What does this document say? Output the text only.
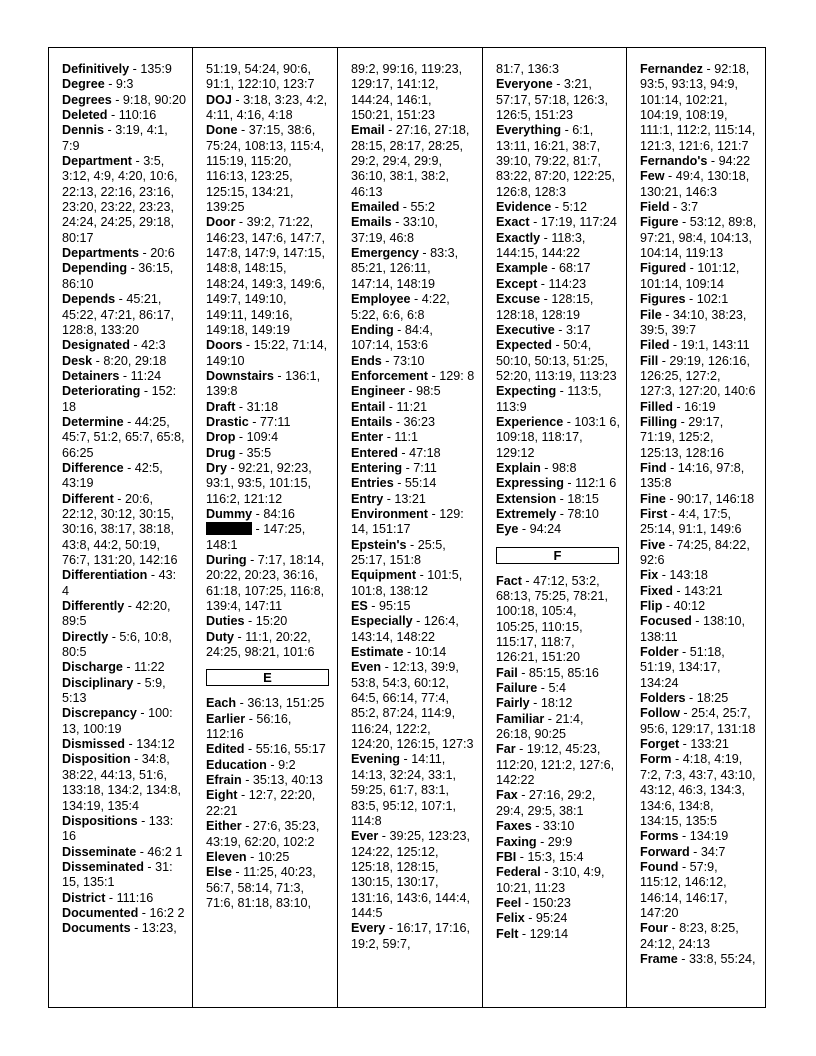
Definitively - 135:9
Degree - 9:3
Degrees - 9:18, 90:20
Deleted - 110:16
Dennis - 3:19, 4:1, 7:9
Department - 3:5, 3:12, 4:9, 4:20, 10:6, 22:13, 22:16, 23:16, 23:20, 23:22, 23:23, 24:24, 24:25, 29:18, 80:17
Departments - 20:6
Depending - 36:15, 86:10
Depends - 45:21, 45:22, 47:21, 86:17, 128:8, 133:20
Designated - 42:3
Desk - 8:20, 29:18
Detainers - 11:24
Deteriorating - 152: 18
Determine - 44:25, 45:7, 51:2, 65:7, 65:8, 66:25
Difference - 42:5, 43:19
Different - 20:6, 22:12, 30:12, 30:15, 30:16, 38:17, 38:18, 43:8, 44:2, 50:19, 76:7, 131:20, 142:16
Differentiation - 43: 4
Differently - 42:20, 89:5
Directly - 5:6, 10:8, 80:5
Discharge - 11:22
Disciplinary - 5:9, 5:13
Discrepancy - 100: 13, 100:19
Dismissed - 134:12
Disposition - 34:8, 38:22, 44:13, 51:6, 133:18, 134:2, 134:8, 134:19, 135:4
Dispositions - 133: 16
Disseminate - 46:2 1
Disseminated - 31: 15, 135:1
District - 111:16
Documented - 16:2 2
Documents - 13:23,
51:19, 54:24, 90:6, 91:1, 122:10, 123:7
DOJ - 3:18, 3:23, 4:2, 4:11, 4:16, 4:18
Done - 37:15, 38:6, 75:24, 108:13, 115:4, 115:19, 115:20, 116:13, 123:25, 125:15, 134:21, 139:25
Door - 39:2, 71:22, 146:23, 147:6, 147:7, 147:8, 147:9, 147:15, 148:8, 148:15, 148:24, 149:3, 149:6, 149:7, 149:10, 149:11, 149:16, 149:18, 149:19
Doors - 15:22, 71:14, 149:10
Downstairs - 136:1, 139:8
Draft - 31:18
Drastic - 77:11
Drop - 109:4
Drug - 35:5
Dry - 92:21, 92:23, 93:1, 93:5, 101:15, 116:2, 121:12
Dummy - 84:16
- 147:25, 148:1
During - 7:17, 18:14, 20:22, 20:23, 36:16, 61:18, 107:25, 116:8, 139:4, 147:11
Duties - 15:20
Duty - 11:1, 20:22, 24:25, 98:21, 101:6
E
Each - 36:13, 151:25
Earlier - 56:16, 112:16
Edited - 55:16, 55:17
Education - 9:2
Efrain - 35:13, 40:13
Eight - 12:7, 22:20, 22:21
Either - 27:6, 35:23, 43:19, 62:20, 102:2
Eleven - 10:25
Else - 11:25, 40:23, 56:7, 58:14, 71:3, 71:6, 81:18, 83:10,
89:2, 99:16, 119:23, 129:17, 141:12, 144:24, 146:1, 150:21, 151:23
Email - 27:16, 27:18, 28:15, 28:17, 28:25, 29:2, 29:4, 29:9, 36:10, 38:1, 38:2, 46:13
Emailed - 55:2
Emails - 33:10, 37:19, 46:8
Emergency - 83:3, 85:21, 126:11, 147:14, 148:19
Employee - 4:22, 5:22, 6:6, 6:8
Ending - 84:4, 107:14, 153:6
Ends - 73:10
Enforcement - 129: 8
Engineer - 98:5
Entail - 11:21
Entails - 36:23
Enter - 11:1
Entered - 47:18
Entering - 7:11
Entries - 55:14
Entry - 13:21
Environment - 129: 14, 151:17
Epstein's - 25:5, 25:17, 151:8
Equipment - 101:5, 101:8, 138:12
ES - 95:15
Especially - 126:4, 143:14, 148:22
Estimate - 10:14
Even - 12:13, 39:9, 53:8, 54:3, 60:12, 64:5, 66:14, 77:4, 85:2, 87:24, 114:9, 116:24, 122:2, 124:20, 126:15, 127:3
Evening - 14:11, 14:13, 32:24, 33:1, 59:25, 61:7, 83:1, 83:5, 95:12, 107:1, 114:8
Ever - 39:25, 123:23, 124:22, 125:12, 125:18, 128:15, 130:15, 130:17, 131:16, 143:6, 144:4, 144:5
Every - 16:17, 17:16, 19:2, 59:7,
81:7, 136:3
Everyone - 3:21, 57:17, 57:18, 126:3, 126:5, 151:23
Everything - 6:1, 13:11, 16:21, 38:7, 39:10, 79:22, 81:7, 83:22, 87:20, 122:25, 126:8, 128:3
Evidence - 5:12
Exact - 17:19, 117:24
Exactly - 118:3, 144:15, 144:22
Example - 68:17
Except - 114:23
Excuse - 128:15, 128:18, 128:19
Executive - 3:17
Expected - 50:4, 50:10, 50:13, 51:25, 52:20, 113:19, 113:23
Expecting - 113:5, 113:9
Experience - 103:1 6, 109:18, 118:17, 129:12
Explain - 98:8
Expressing - 112:1 6
Extension - 18:15
Extremely - 78:10
Eye - 94:24
F
Fact - 47:12, 53:2, 68:13, 75:25, 78:21, 100:18, 105:4, 105:25, 110:15, 115:17, 118:7, 126:21, 151:20
Fail - 85:15, 85:16
Failure - 5:4
Fairly - 18:12
Familiar - 21:4, 26:18, 90:25
Far - 19:12, 45:23, 112:20, 121:2, 127:6, 142:22
Fax - 27:16, 29:2, 29:4, 29:5, 38:1
Faxes - 33:10
Faxing - 29:9
FBI - 15:3, 15:4
Federal - 3:10, 4:9, 10:21, 11:23
Feel - 150:23
Felix - 95:24
Felt - 129:14
Fernandez - 92:18, 93:5, 93:13, 94:9, 101:14, 102:21, 104:19, 108:19, 111:1, 112:2, 115:14, 121:3, 121:6, 121:7
Fernando's - 94:22
Few - 49:4, 130:18, 130:21, 146:3
Field - 3:7
Figure - 53:12, 89:8, 97:21, 98:4, 104:13, 104:14, 119:13
Figured - 101:12, 101:14, 109:14
Figures - 102:1
File - 34:10, 38:23, 39:5, 39:7
Filed - 19:1, 143:11
Fill - 29:19, 126:16, 126:25, 127:2, 127:3, 127:20, 140:6
Filled - 16:19
Filling - 29:17, 71:19, 125:2, 125:13, 128:16
Find - 14:16, 97:8, 135:8
Fine - 90:17, 146:18
First - 4:4, 17:5, 25:14, 91:1, 149:6
Five - 74:25, 84:22, 92:6
Fix - 143:18
Fixed - 143:21
Flip - 40:12
Focused - 138:10, 138:11
Folder - 51:18, 51:19, 134:17, 134:24
Folders - 18:25
Follow - 25:4, 25:7, 95:6, 129:17, 131:18
Forget - 133:21
Form - 4:18, 4:19, 7:2, 7:3, 43:7, 43:10, 43:12, 46:3, 134:3, 134:6, 134:8, 134:15, 135:5
Forms - 134:19
Forward - 34:7
Found - 57:9, 115:12, 146:12, 146:14, 146:17, 147:20
Four - 8:23, 8:25, 24:12, 24:13
Frame - 33:8, 55:24,
